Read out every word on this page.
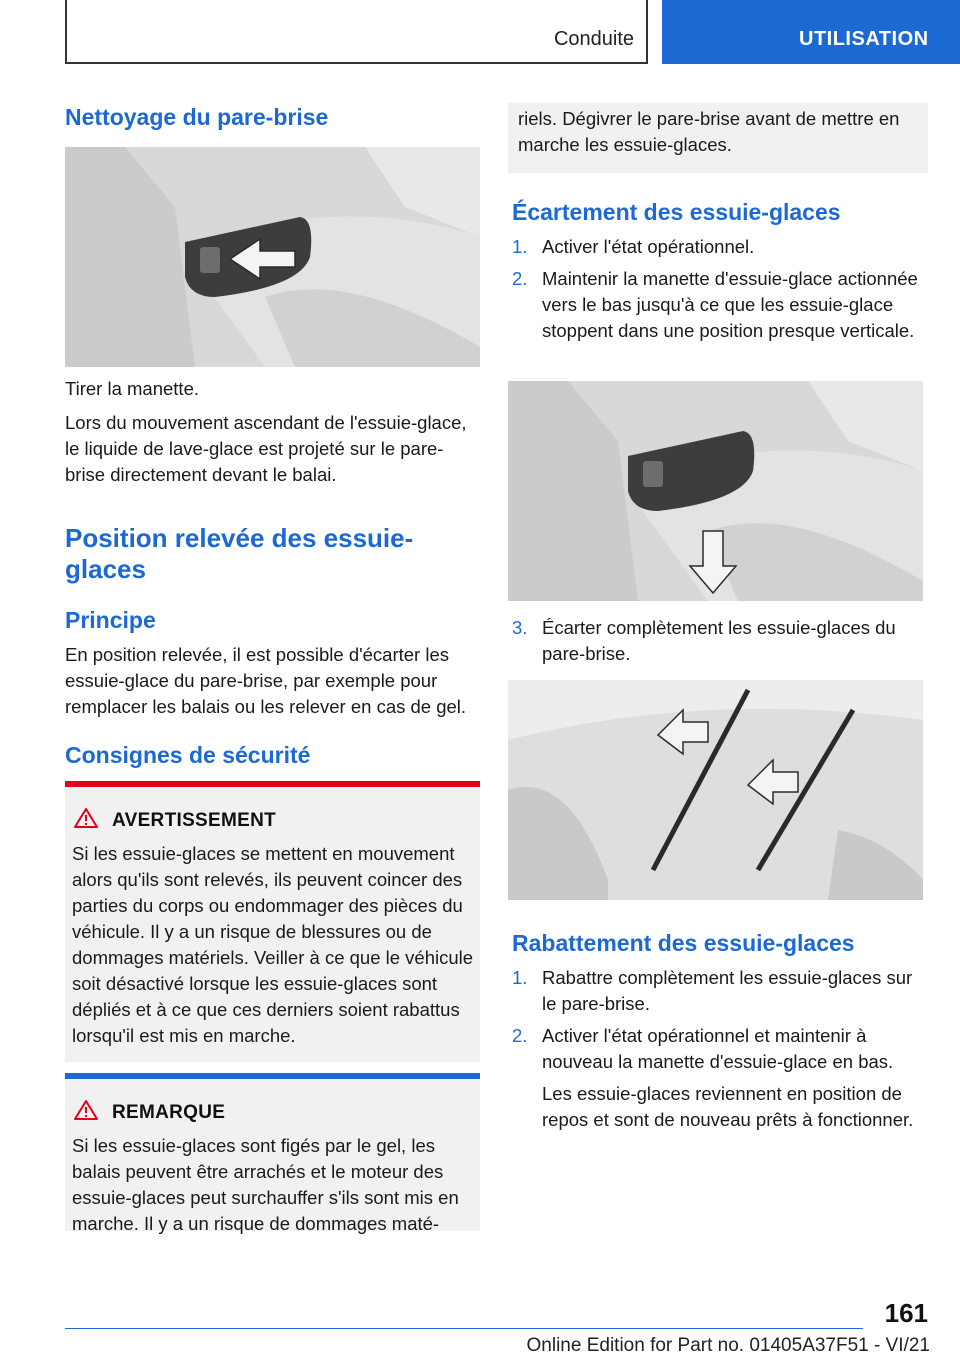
Conduite	UTILISATION
Nettoyage du pare-brise
Tirer la manette.
Lors du mouvement ascendant de l'essuie-glace, le liquide de lave-glace est projeté sur le pare-brise directement devant le balai.
Position relevée des essuie-glaces
Principe
En position relevée, il est possible d'écarter les essuie-glace du pare-brise, par exemple pour remplacer les balais ou les relever en cas de gel.
Consignes de sécurité
AVERTISSEMENT
Si les essuie-glaces se mettent en mouvement alors qu'ils sont relevés, ils peuvent coincer des parties du corps ou endommager des pièces du véhicule. Il y a un risque de blessures ou de dommages matériels. Veiller à ce que le véhicule soit désactivé lorsque les essuie-glaces sont dépliés et à ce que ces derniers soient rabattus lorsqu'il est mis en marche.
REMARQUE
Si les essuie-glaces sont figés par le gel, les balais peuvent être arrachés et le moteur des essuie-glaces peut surchauffer s'ils sont mis en marche. Il y a un risque de dommages maté-
riels. Dégivrer le pare-brise avant de mettre en marche les essuie-glaces.
Écartement des essuie-glaces
1. Activer l'état opérationnel.
2. Maintenir la manette d'essuie-glace actionnée vers le bas jusqu'à ce que les essuie-glace stoppent dans une position presque verticale.
3. Écarter complètement les essuie-glaces du pare-brise.
Rabattement des essuie-glaces
1. Rabattre complètement les essuie-glaces sur le pare-brise.
2. Activer l'état opérationnel et maintenir à nouveau la manette d'essuie-glace en bas.
Les essuie-glaces reviennent en position de repos et sont de nouveau prêts à fonctionner.
161
Online Edition for Part no. 01405A37F51 - VI/21
